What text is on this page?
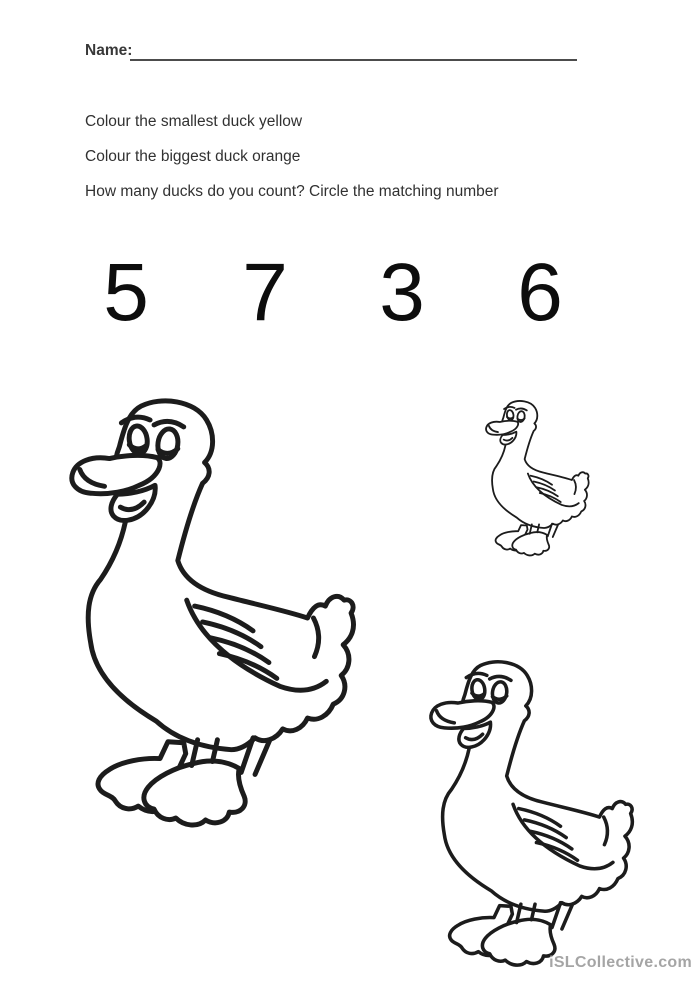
Name:
Colour the smallest duck yellow
Colour the biggest duck orange
How many ducks do you count? Circle the matching number
5 7 3 6
iSLCollective.com
